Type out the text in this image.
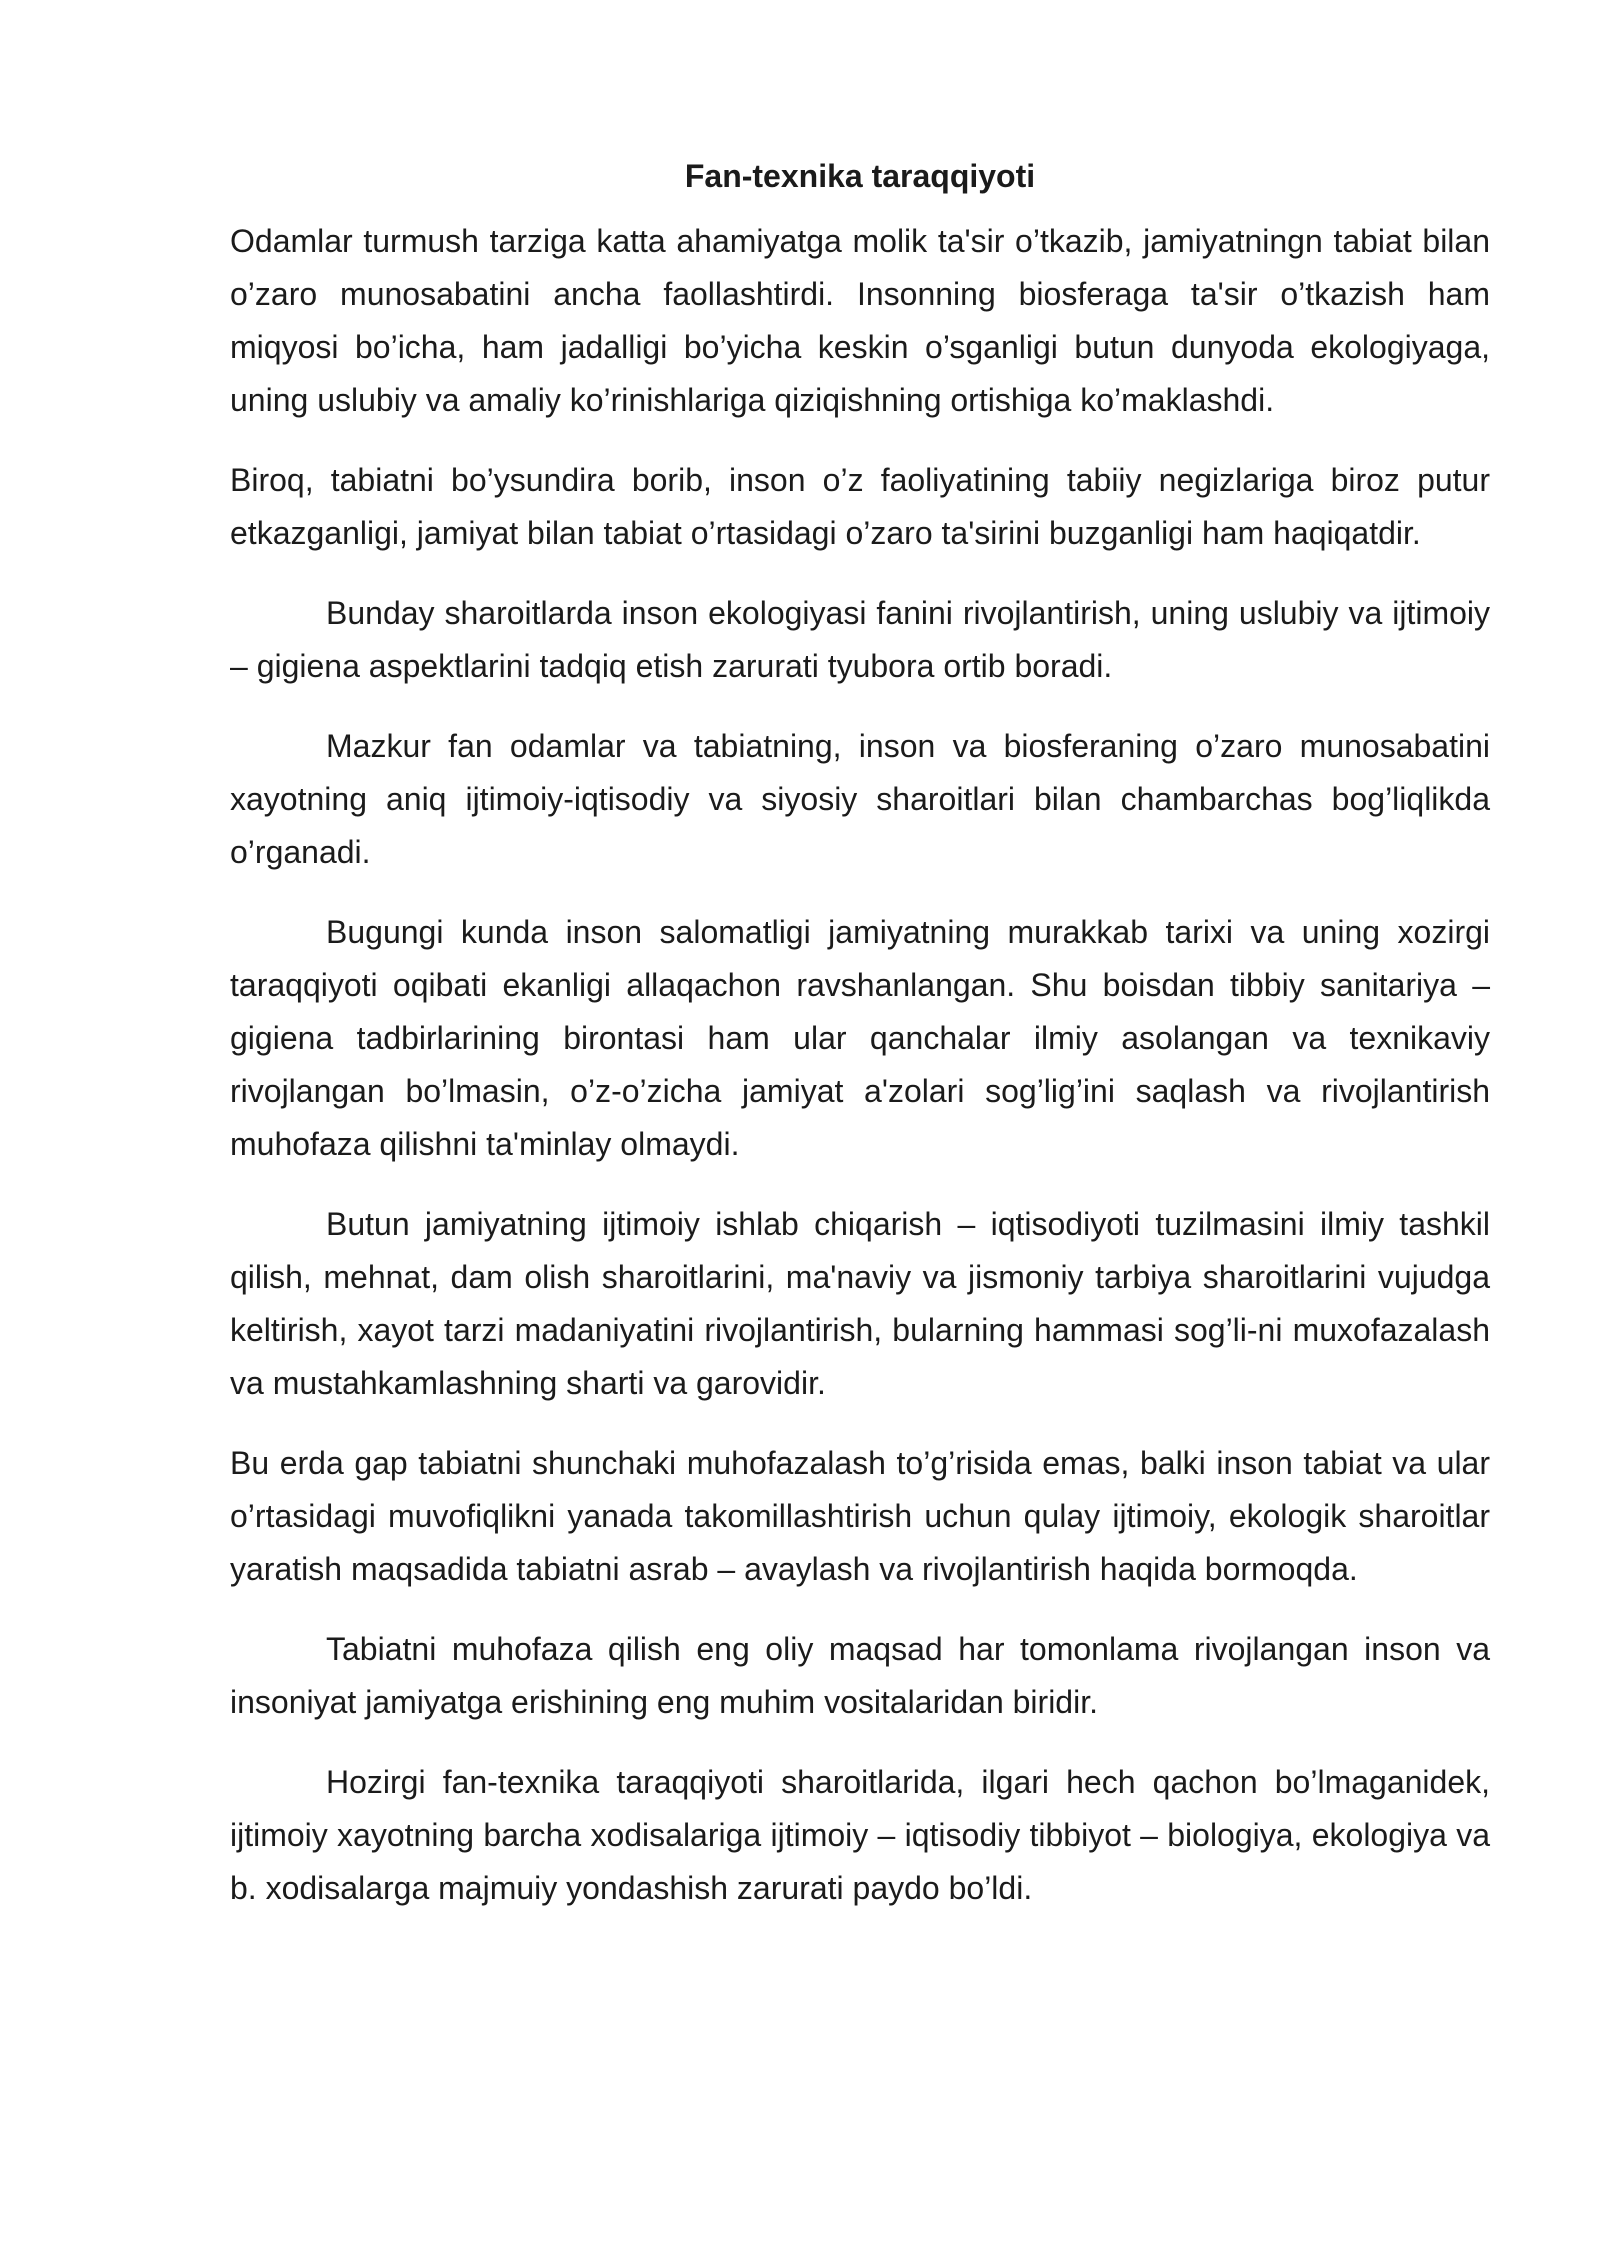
Fan-texnika taraqqiyoti

Odamlar turmush tarziga katta ahamiyatga molik ta'sir o’tkazib, jamiyatningn tabiat bilan o’zaro munosabatini ancha faollashtirdi. Insonning biosferaga ta'sir o’tkazish ham miqyosi bo’icha, ham jadalligi bo’yicha keskin o’sganligi butun dunyoda ekologiyaga, uning uslubiy va amaliy ko’rinishlariga qiziqishning ortishiga ko’maklashdi.

Biroq, tabiatni bo’ysundira borib, inson o’z faoliyatining tabiiy negizlariga biroz putur etkazganligi, jamiyat bilan tabiat o’rtasidagi o’zaro ta'sirini buzganligi ham haqiqatdir.

Bunday sharoitlarda inson ekologiyasi fanini rivojlantirish, uning uslubiy va ijtimoiy – gigiena aspektlarini tadqiq etish zarurati tyubora ortib boradi.

Mazkur fan odamlar va tabiatning, inson va biosferaning o’zaro munosabatini xayotning aniq ijtimoiy-iqtisodiy va siyosiy sharoitlari bilan chambarchas bog’liqlikda o’rganadi.

Bugungi kunda inson salomatligi jamiyatning murakkab tarixi va uning xozirgi taraqqiyoti oqibati ekanligi allaqachon ravshanlangan. Shu boisdan tibbiy sanitariya – gigiena tadbirlarining birontasi ham ular qanchalar ilmiy asolangan va texnikaviy rivojlangan bo’lmasin, o’z-o’zicha jamiyat a'zolari sog’lig’ini saqlash va rivojlantirish muhofaza qilishni ta'minlay olmaydi.

Butun jamiyatning ijtimoiy ishlab chiqarish – iqtisodiyoti tuzilmasini ilmiy tashkil qilish, mehnat, dam olish sharoitlarini, ma'naviy va jismoniy tarbiya sharoitlarini vujudga keltirish, xayot tarzi madaniyatini rivojlantirish, bularning hammasi sog’li-ni muxofazalash va mustahkamlashning sharti va garovidir.

Bu erda gap tabiatni shunchaki muhofazalash to’g’risida emas, balki inson tabiat va ular o’rtasidagi muvofiqlikni yanada takomillashtirish uchun qulay ijtimoiy, ekologik sharoitlar yaratish maqsadida tabiatni asrab – avaylash va rivojlantirish haqida bormoqda.

Tabiatni muhofaza qilish eng oliy maqsad har tomonlama rivojlangan inson va insoniyat jamiyatga erishining eng muhim vositalaridan biridir.

Hozirgi fan-texnika taraqqiyoti sharoitlarida, ilgari hech qachon bo’lmaganidek, ijtimoiy xayotning barcha xodisalariga ijtimoiy – iqtisodiy tibbiyot – biologiya, ekologiya va b. xodisalarga majmuiy yondashish zarurati paydo bo’ldi.
